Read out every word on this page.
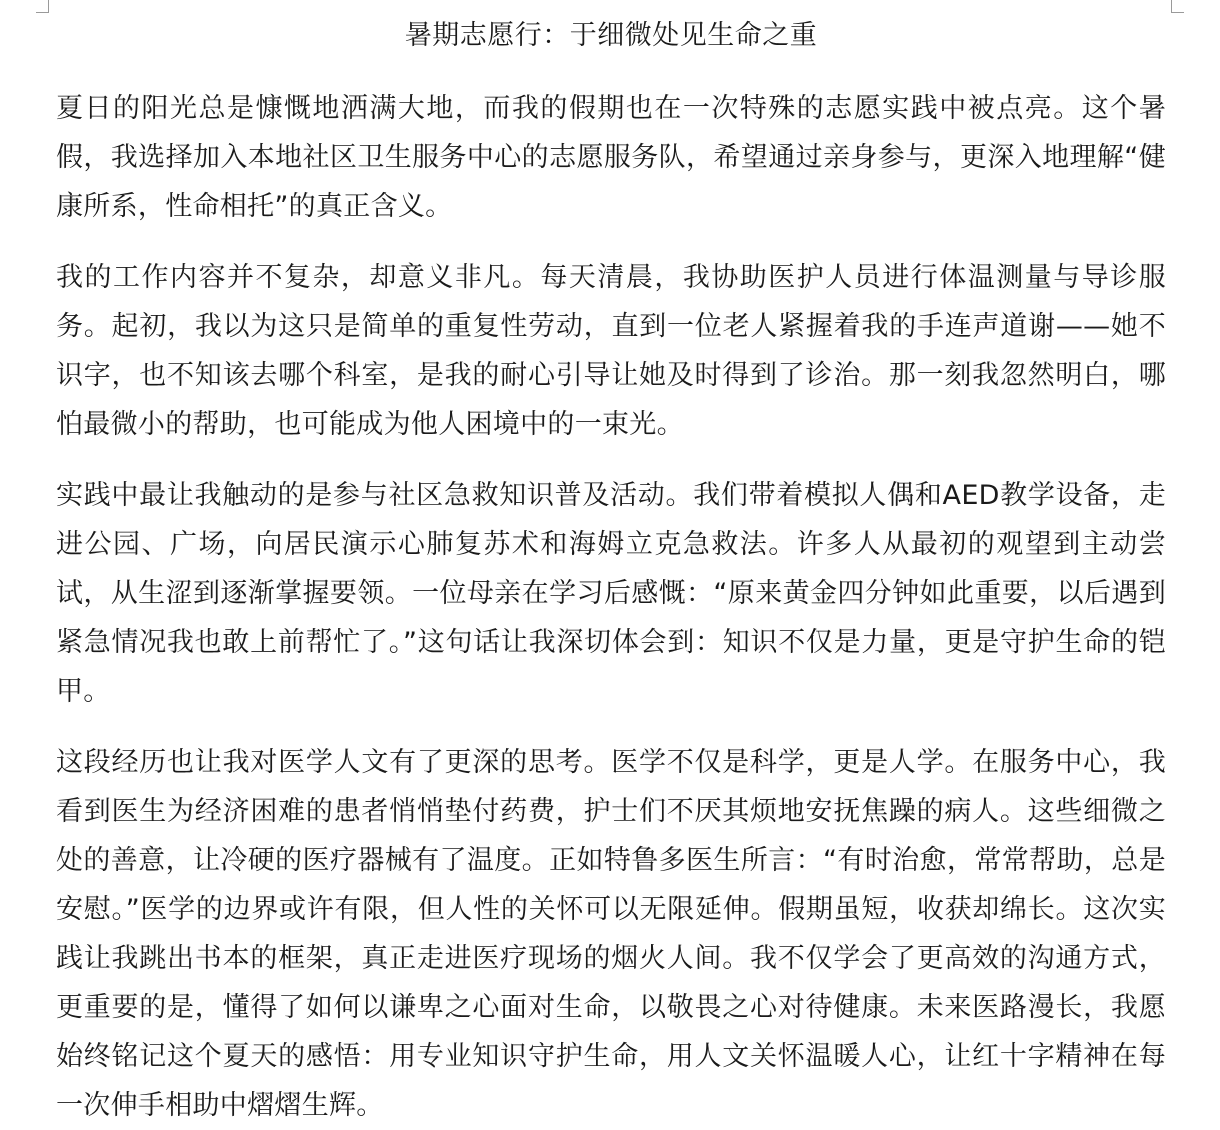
暑期志愿行：于细微处见生命之重

夏日的阳光总是慷慨地洒满大地，而我的假期也在一次特殊的志愿实践中被点亮。这个暑假，我选择加入本地社区卫生服务中心的志愿服务队，希望通过亲身参与，更深入地理解“健康所系，性命相托”的真正含义。

我的工作内容并不复杂，却意义非凡。每天清晨，我协助医护人员进行体温测量与导诊服务。起初，我以为这只是简单的重复性劳动，直到一位老人紧握着我的手连声道谢——她不识字，也不知该去哪个科室，是我的耐心引导让她及时得到了诊治。那一刻我忽然明白，哪怕最微小的帮助，也可能成为他人困境中的一束光。

实践中最让我触动的是参与社区急救知识普及活动。我们带着模拟人偶和AED教学设备，走进公园、广场，向居民演示心肺复苏术和海姆立克急救法。许多人从最初的观望到主动尝试，从生涩到逐渐掌握要领。一位母亲在学习后感慨：“原来黄金四分钟如此重要，以后遇到紧急情况我也敢上前帮忙了。”这句话让我深切体会到：知识不仅是力量，更是守护生命的铠甲。

这段经历也让我对医学人文有了更深的思考。医学不仅是科学，更是人学。在服务中心，我看到医生为经济困难的患者悄悄垫付药费，护士们不厌其烦地安抚焦躁的病人。这些细微之处的善意，让冷硬的医疗器械有了温度。正如特鲁多医生所言：“有时治愈，常常帮助，总是安慰。”医学的边界或许有限，但人性的关怀可以无限延伸。假期虽短，收获却绵长。这次实践让我跳出书本的框架，真正走进医疗现场的烟火人间。我不仅学会了更高效的沟通方式，更重要的是，懂得了如何以谦卑之心面对生命，以敬畏之心对待健康。未来医路漫长，我愿始终铭记这个夏天的感悟：用专业知识守护生命，用人文关怀温暖人心，让红十字精神在每一次伸手相助中熠熠生辉。
